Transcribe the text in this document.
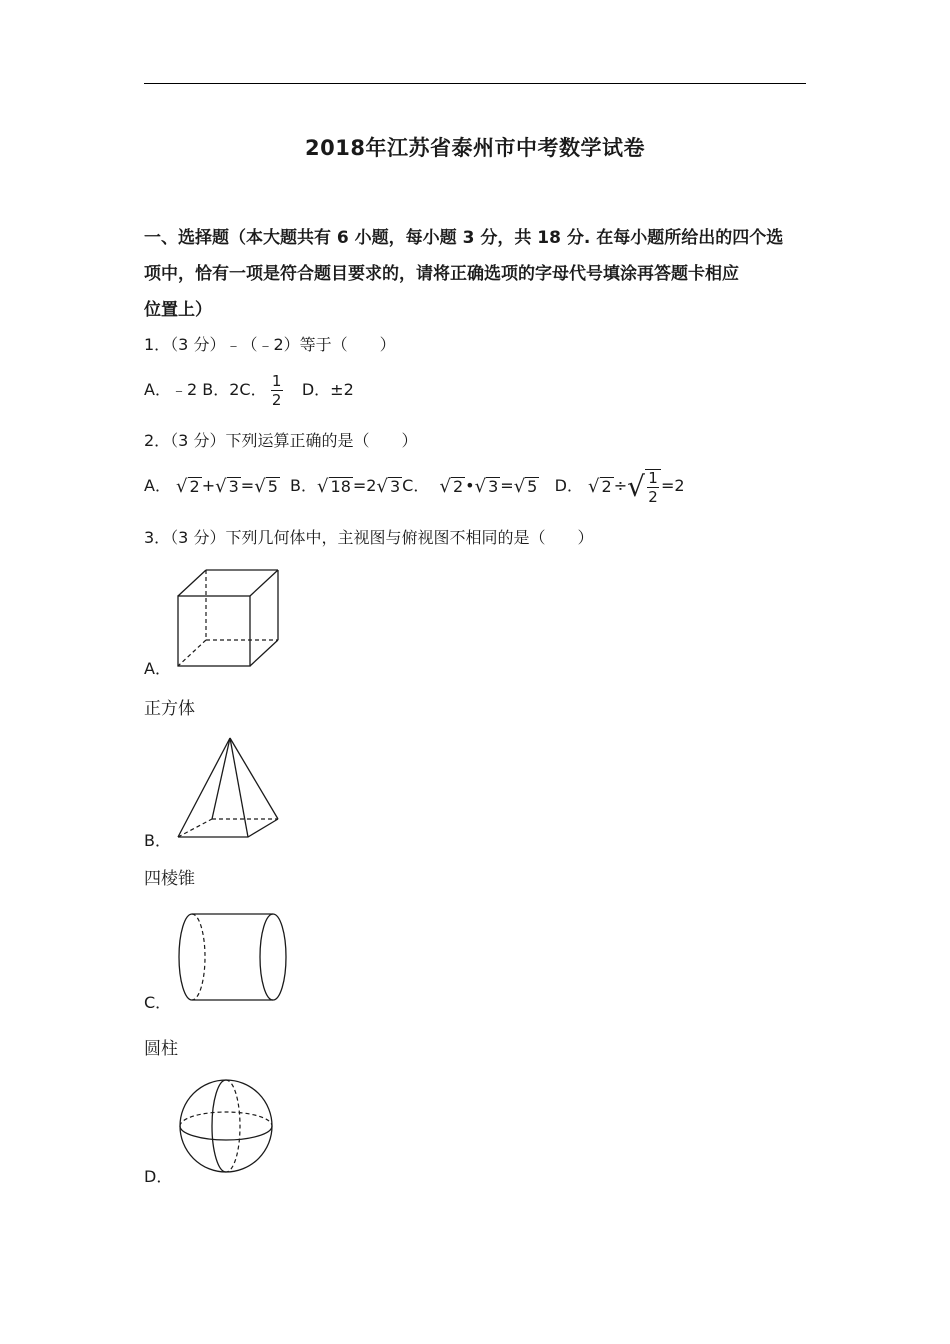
2018年江苏省泰州市中考数学试卷
一、选择题（本大题共有 6 小题，每小题 3 分，共 18 分. 在每小题所给出的四个选
项中，恰有一项是符合题目要求的，请将正确选项的字母代号填涂再答题卡相应
位置上）
1．（3 分）﹣（﹣2）等于（　　）
A．﹣2 B．2C． $\frac{1}{2}$ D．±2
2．（3 分）下列运算正确的是（　　）
A． √ 2 + √ 3 = √ 5 B． √ 18 =2 √ 3 C． √ 2 • √ 3 = √ 5 D． √ 2 ÷ √ $\frac{1}{2} =2$
3．（3 分）下列几何体中，主视图与俯视图不相同的是（　　）
A．
正方体
B．
四棱锥
C．
圆柱
D．
